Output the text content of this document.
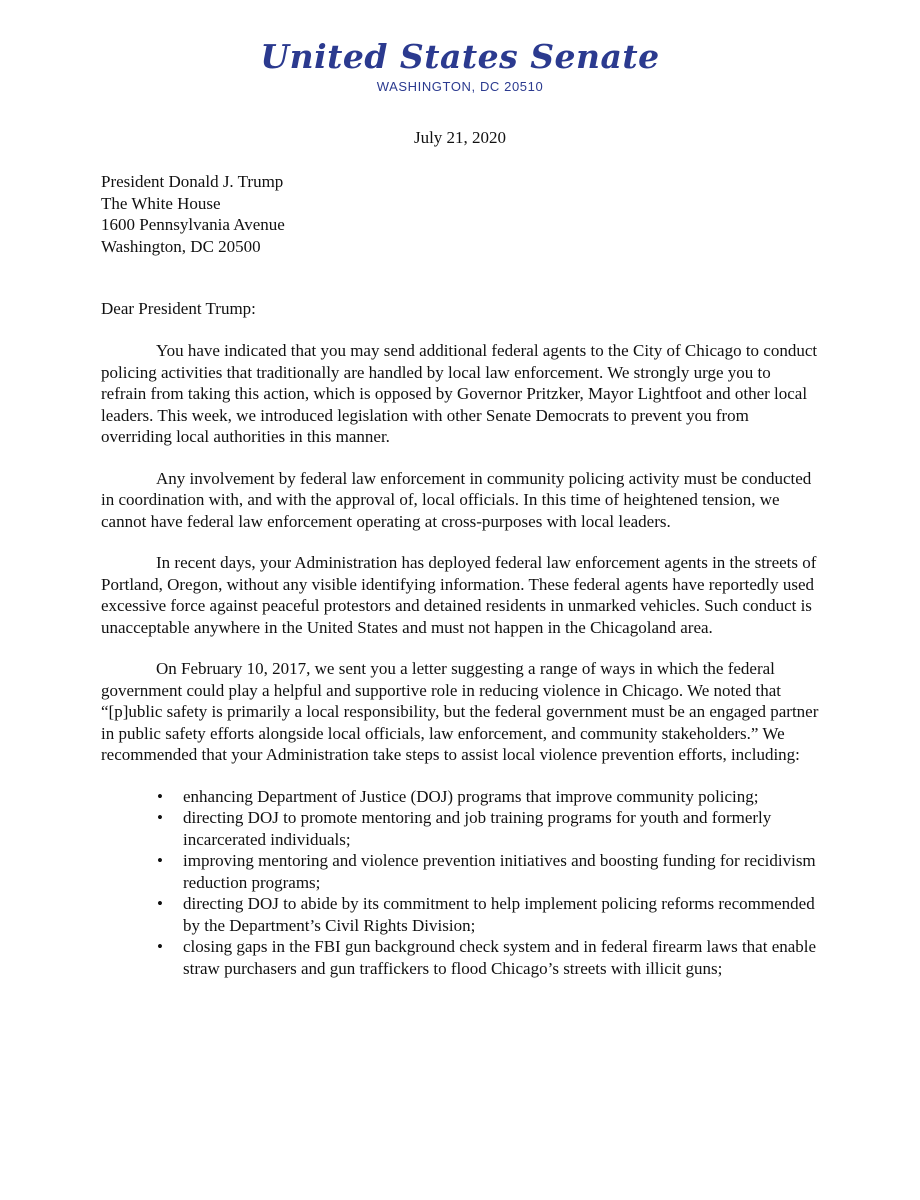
United States Senate
WASHINGTON, DC 20510
July 21, 2020
President Donald J. Trump
The White House
1600 Pennsylvania Avenue
Washington, DC 20500
Dear President Trump:

You have indicated that you may send additional federal agents to the City of Chicago to conduct policing activities that traditionally are handled by local law enforcement. We strongly urge you to refrain from taking this action, which is opposed by Governor Pritzker, Mayor Lightfoot and other local leaders. This week, we introduced legislation with other Senate Democrats to prevent you from overriding local authorities in this manner.

Any involvement by federal law enforcement in community policing activity must be conducted in coordination with, and with the approval of, local officials. In this time of heightened tension, we cannot have federal law enforcement operating at cross-purposes with local leaders.

In recent days, your Administration has deployed federal law enforcement agents in the streets of Portland, Oregon, without any visible identifying information. These federal agents have reportedly used excessive force against peaceful protestors and detained residents in unmarked vehicles. Such conduct is unacceptable anywhere in the United States and must not happen in the Chicagoland area.

On February 10, 2017, we sent you a letter suggesting a range of ways in which the federal government could play a helpful and supportive role in reducing violence in Chicago. We noted that “[p]ublic safety is primarily a local responsibility, but the federal government must be an engaged partner in public safety efforts alongside local officials, law enforcement, and community stakeholders.” We recommended that your Administration take steps to assist local violence prevention efforts, including:

• enhancing Department of Justice (DOJ) programs that improve community policing;
• directing DOJ to promote mentoring and job training programs for youth and formerly incarcerated individuals;
• improving mentoring and violence prevention initiatives and boosting funding for recidivism reduction programs;
• directing DOJ to abide by its commitment to help implement policing reforms recommended by the Department’s Civil Rights Division;
• closing gaps in the FBI gun background check system and in federal firearm laws that enable straw purchasers and gun traffickers to flood Chicago’s streets with illicit guns;
